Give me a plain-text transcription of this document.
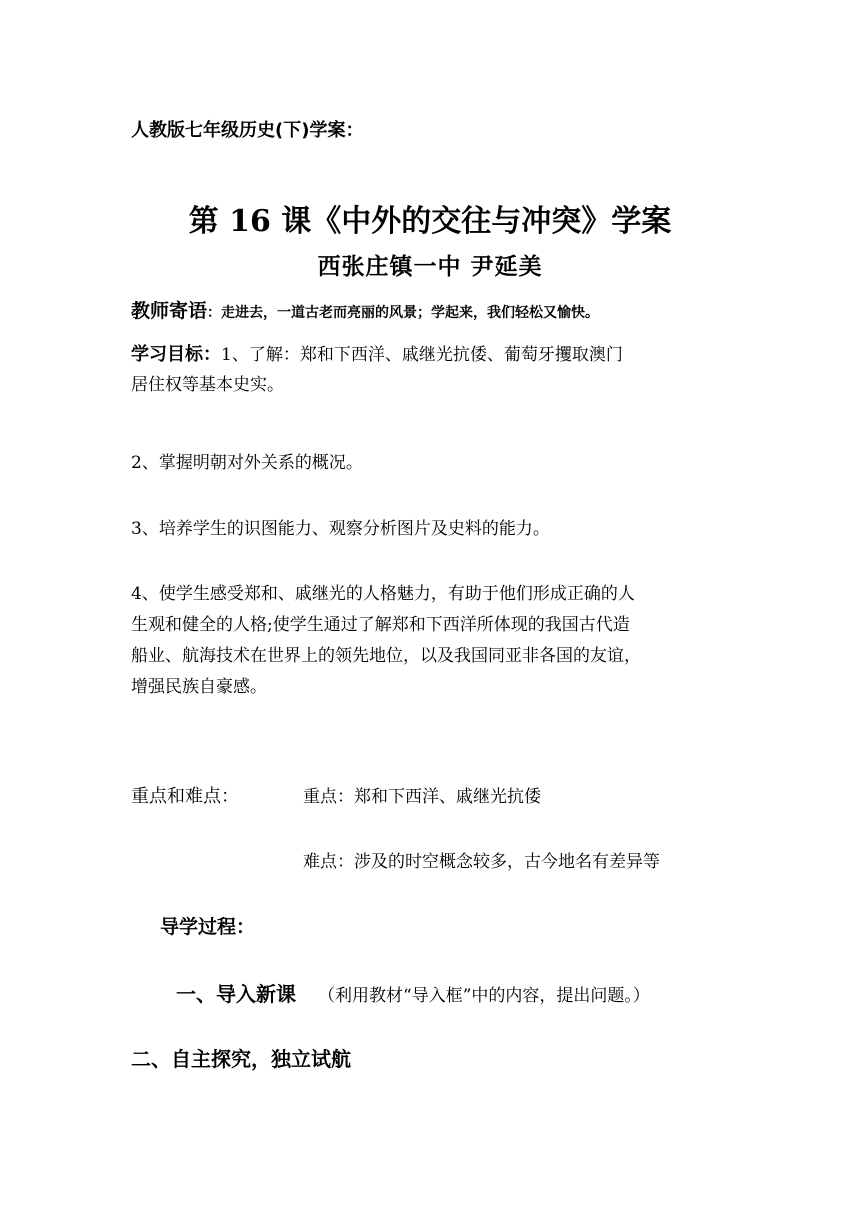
人教版七年级历史(下)学案：
第 16 课《中外的交往与冲突》学案
西张庄镇一中 尹延美
教师寄语：走进去，一道古老而亮丽的风景；学起来，我们轻松又愉快。
学习目标：1、了解：郑和下西洋、戚继光抗倭、葡萄牙攫取澳门
居住权等基本史实。
2、掌握明朝对外关系的概况。
3、培养学生的识图能力、观察分析图片及史料的能力。
4、使学生感受郑和、戚继光的人格魅力，有助于他们形成正确的人
生观和健全的人格;使学生通过了解郑和下西洋所体现的我国古代造
船业、航海技术在世界上的领先地位，以及我国同亚非各国的友谊，
增强民族自豪感。
重点和难点：	重点：郑和下西洋、戚继光抗倭
难点：涉及的时空概念较多，古今地名有差异等
导学过程：
一、导入新课 （利用教材“导入框”中的内容，提出问题。）
二、自主探究，独立试航
